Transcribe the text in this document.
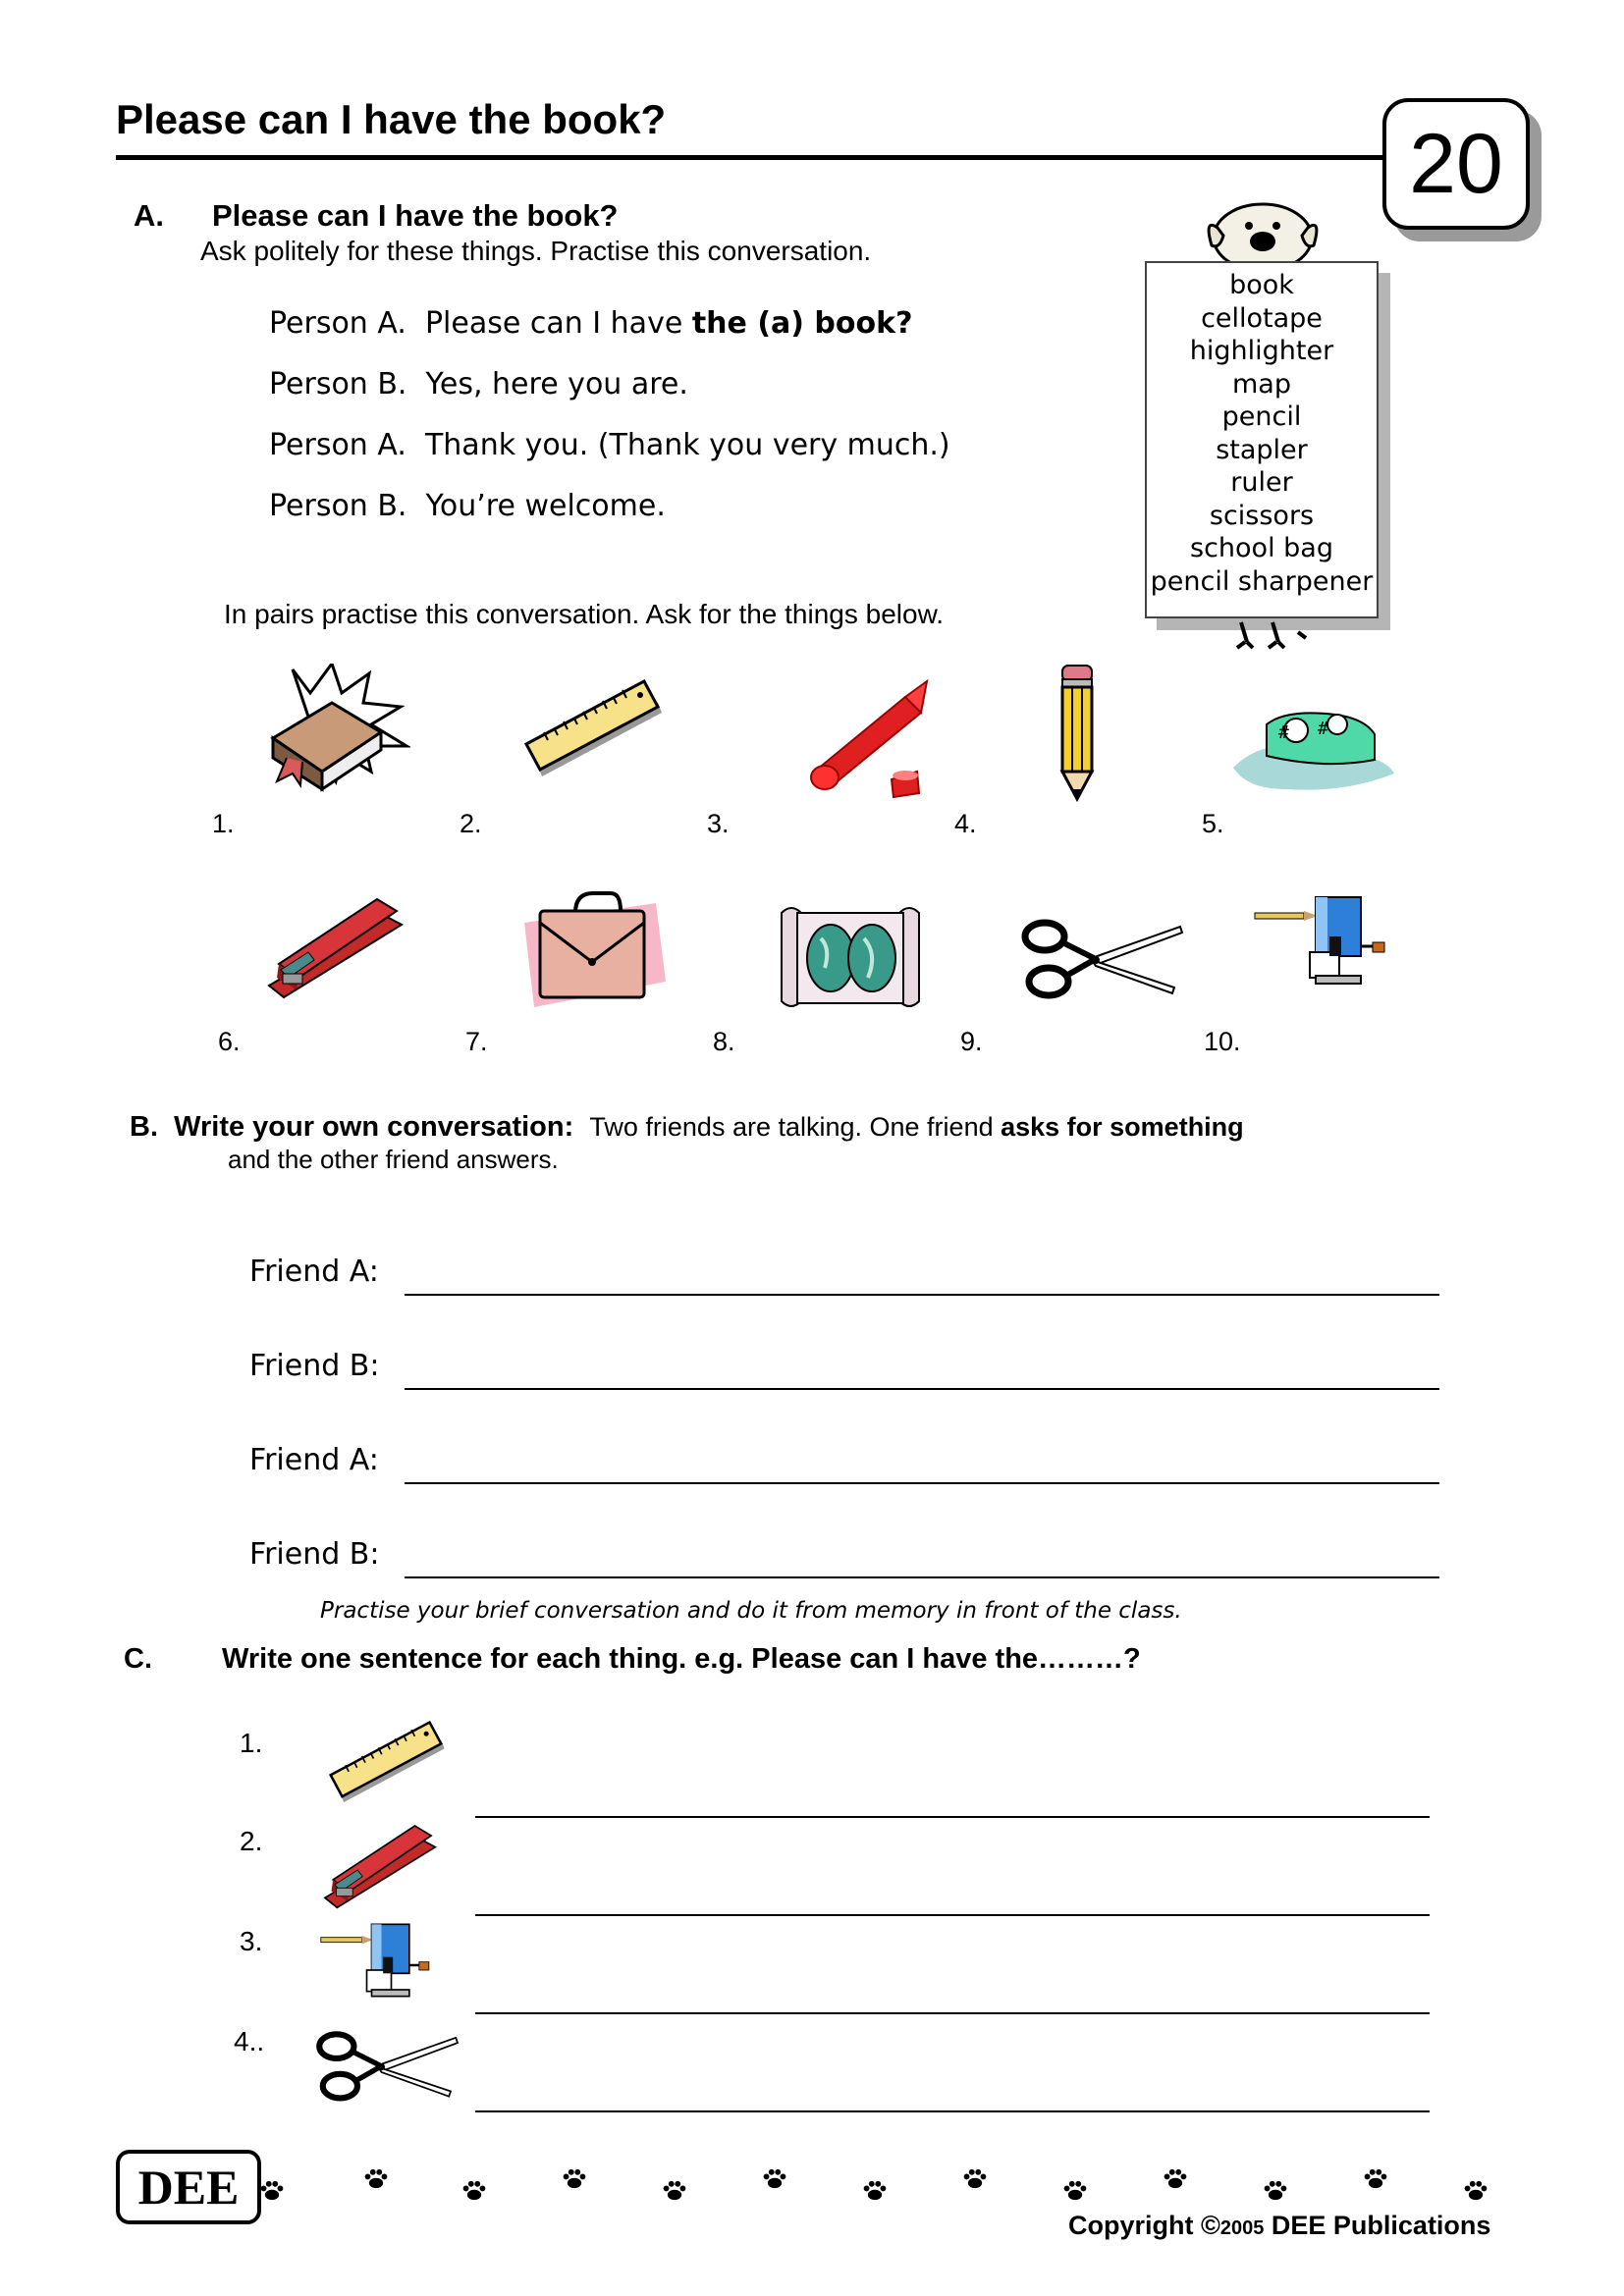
Please can I have the book?	20
A. Please can I have the book?
Ask politely for these things. Practise this conversation.
Person A. Please can I have the (a) book?
Person B. Yes, here you are.
Person A. Thank you. (Thank you very much.)
Person B. You’re welcome.
In pairs practise this conversation. Ask for the things below.
book
cellotape
highlighter
map
pencil
stapler
ruler
scissors
school bag
pencil sharpener
# #
1.	2.	3.	4.	5.
6.	7.	8.	9.	10.
B. Write your own conversation: Two friends are talking. One friend asks for something
and the other friend answers.
Friend A:
Friend B:
Friend A:
Friend B:
Practise your brief conversation and do it from memory in front of the class.
C. Write one sentence for each thing. e.g. Please can I have the………?
1.
2.
3.
4..
DEE
Copyright ©2005 DEE Publications
